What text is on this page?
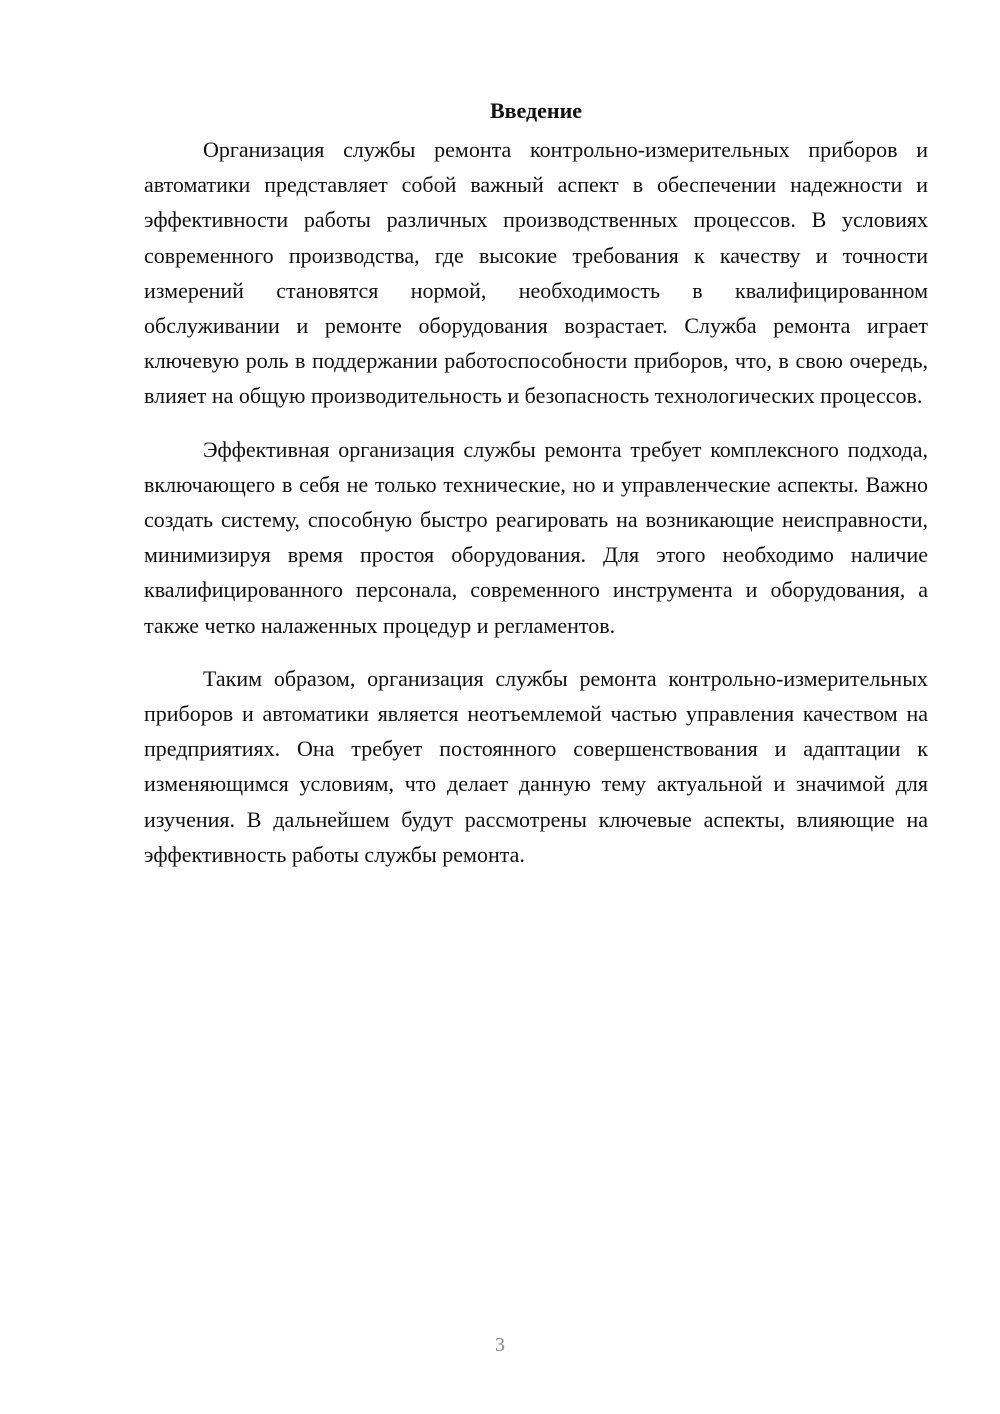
Введение

Организация службы ремонта контрольно-измерительных приборов и автоматики представляет собой важный аспект в обеспечении надежности и эффективности работы различных производственных процессов. В условиях современного производства, где высокие требования к качеству и точности измерений становятся нормой, необходимость в квалифицированном обслуживании и ремонте оборудования возрастает. Служба ремонта играет ключевую роль в поддержании работоспособности приборов, что, в свою очередь, влияет на общую производительность и безопасность технологических процессов.

Эффективная организация службы ремонта требует комплексного подхода, включающего в себя не только технические, но и управленческие аспекты. Важно создать систему, способную быстро реагировать на возникающие неисправности, минимизируя время простоя оборудования. Для этого необходимо наличие квалифицированного персонала, современного инструмента и оборудования, а также четко налаженных процедур и регламентов.

Таким образом, организация службы ремонта контрольно-измерительных приборов и автоматики является неотъемлемой частью управления качеством на предприятиях. Она требует постоянного совершенствования и адаптации к изменяющимся условиям, что делает данную тему актуальной и значимой для изучения. В дальнейшем будут рассмотрены ключевые аспекты, влияющие на эффективность работы службы ремонта.

3
